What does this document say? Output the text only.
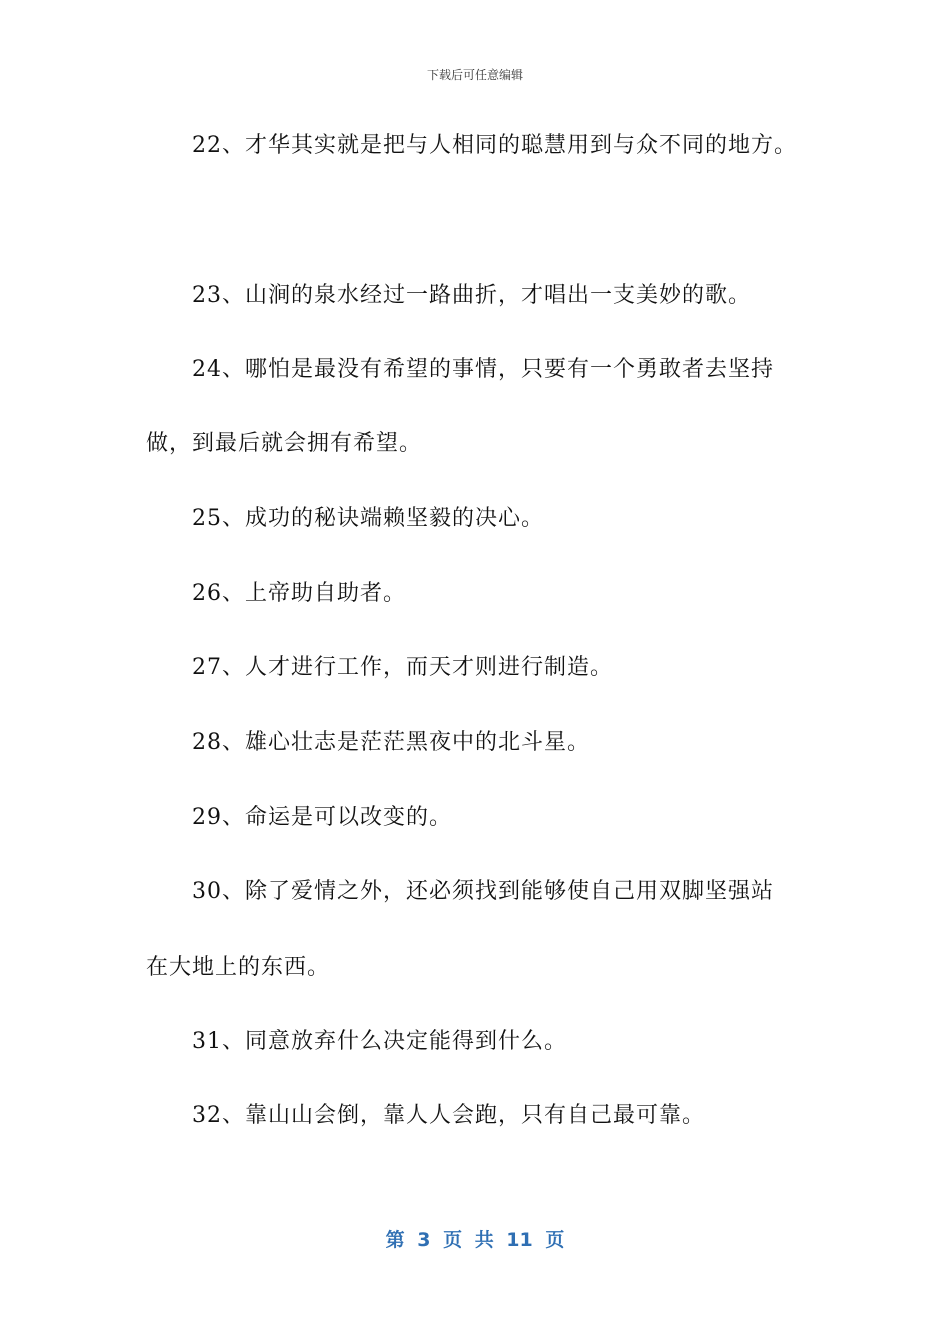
下载后可任意编辑
22、才华其实就是把与人相同的聪慧用到与众不同的地方。
23、山涧的泉水经过一路曲折，才唱出一支美妙的歌。
24、哪怕是最没有希望的事情，只要有一个勇敢者去坚持
做，到最后就会拥有希望。
25、成功的秘诀端赖坚毅的决心。
26、上帝助自助者。
27、人才进行工作，而天才则进行制造。
28、雄心壮志是茫茫黑夜中的北斗星。
29、命运是可以改变的。
30、除了爱情之外，还必须找到能够使自己用双脚坚强站
在大地上的东西。
31、同意放弃什么决定能得到什么。
32、靠山山会倒，靠人人会跑，只有自己最可靠。
第 3 页 共 11 页
